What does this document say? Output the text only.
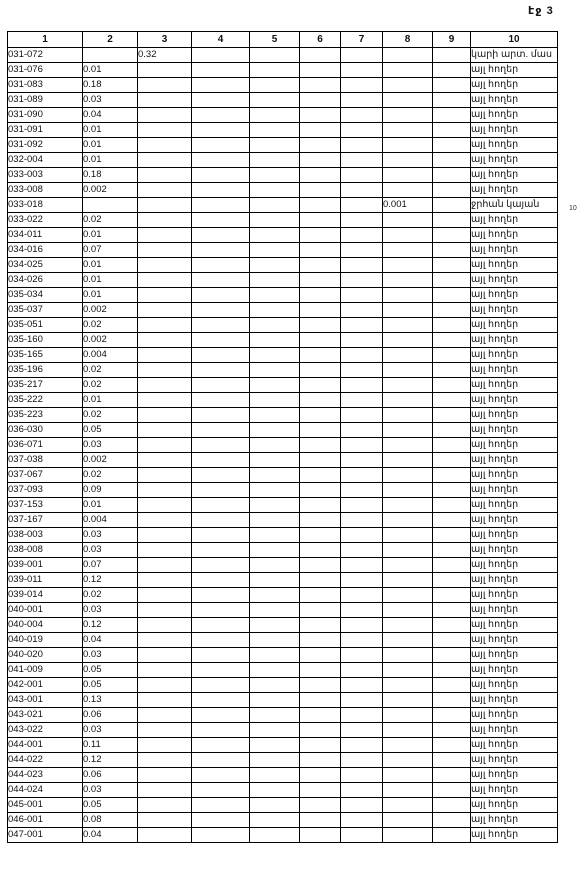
էջ 3
10
1	2	3	4	5	6	7	8	9	10
031-072		0.32							կարի արտ. մաս
031-076	0.01								այլ հողեր
031-083	0.18								այլ հողեր
031-089	0.03								այլ հողեր
031-090	0.04								այլ հողեր
031-091	0.01								այլ հողեր
031-092	0.01								այլ հողեր
032-004	0.01								այլ հողեր
033-003	0.18								այլ հողեր
033-008	0.002								այլ հողեր
033-018							0.001		ջրհան կայան
033-022	0.02								այլ հողեր
034-011	0.01								այլ հողեր
034-016	0.07								այլ հողեր
034-025	0.01								այլ հողեր
034-026	0.01								այլ հողեր
035-034	0.01								այլ հողեր
035-037	0.002								այլ հողեր
035-051	0.02								այլ հողեր
035-160	0.002								այլ հողեր
035-165	0.004								այլ հողեր
035-196	0.02								այլ հողեր
035-217	0.02								այլ հողեր
035-222	0.01								այլ հողեր
035-223	0.02								այլ հողեր
036-030	0.05								այլ հողեր
036-071	0.03								այլ հողեր
037-038	0.002								այլ հողեր
037-067	0.02								այլ հողեր
037-093	0.09								այլ հողեր
037-153	0.01								այլ հողեր
037-167	0.004								այլ հողեր
038-003	0.03								այլ հողեր
038-008	0.03								այլ հողեր
039-001	0.07								այլ հողեր
039-011	0.12								այլ հողեր
039-014	0.02								այլ հողեր
040-001	0.03								այլ հողեր
040-004	0.12								այլ հողեր
040-019	0.04								այլ հողեր
040-020	0.03								այլ հողեր
041-009	0.05								այլ հողեր
042-001	0.05								այլ հողեր
043-001	0.13								այլ հողեր
043-021	0.06								այլ հողեր
043-022	0.03								այլ հողեր
044-001	0.11								այլ հողեր
044-022	0.12								այլ հողեր
044-023	0.06								այլ հողեր
044-024	0.03								այլ հողեր
045-001	0.05								այլ հողեր
046-001	0.08								այլ հողեր
047-001	0.04								այլ հողեր
